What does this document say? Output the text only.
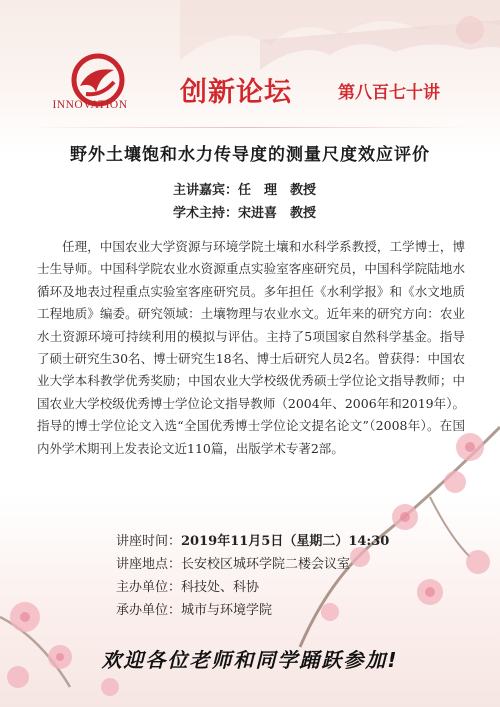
INNOVATION	创新论坛	第八百七十讲
野外土壤饱和水力传导度的测量尺度效应评价
主讲嘉宾：任　理　教授
学术主持：宋进喜　教授

任理，中国农业大学资源与环境学院土壤和水科学系教授，工学博士，博士生导师。中国科学院农业水资源重点实验室客座研究员，中国科学院陆地水循环及地表过程重点实验室客座研究员。多年担任《水利学报》和《水文地质工程地质》编委。研究领域：土壤物理与农业水文。近年来的研究方向：农业水土资源环境可持续利用的模拟与评估。主持了5项国家自然科学基金。指导了硕士研究生30名、博士研究生18名、博士后研究人员2名。曾获得：中国农业大学本科教学优秀奖励；中国农业大学校级优秀硕士学位论文指导教师；中国农业大学校级优秀博士学位论文指导教师（2004年、2006年和2019年）。指导的博士学位论文入选“全国优秀博士学位论文提名论文”（2008年）。在国内外学术期刊上发表论文近110篇，出版学术专著2部。

讲座时间：2019年11月5日（星期二）14:30
讲座地点：长安校区城环学院二楼会议室
主办单位：科技处、科协
承办单位：城市与环境学院
欢迎各位老师和同学踊跃参加!
